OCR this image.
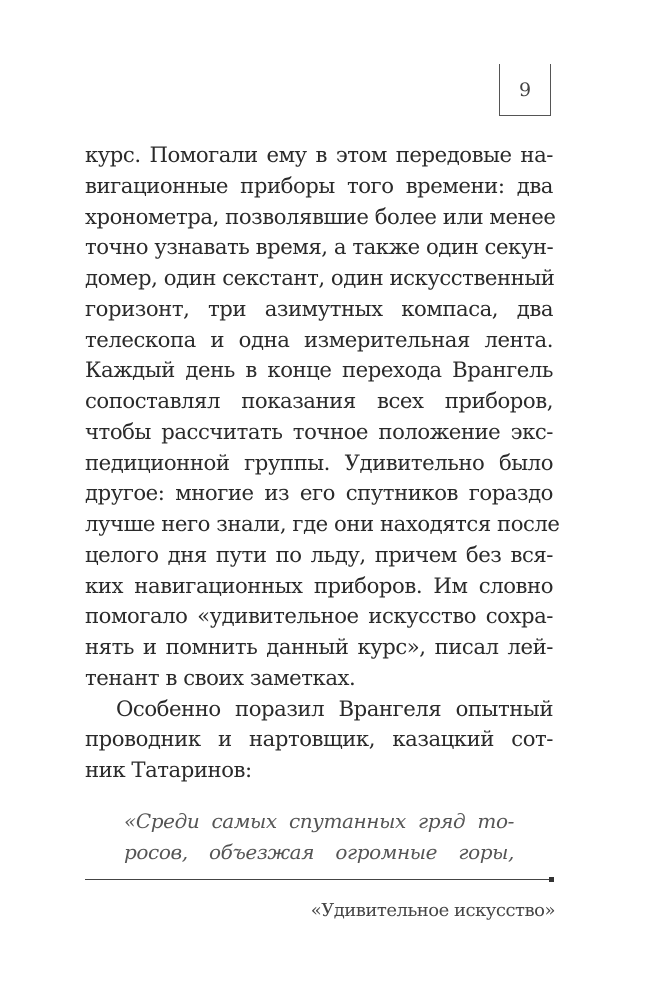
9
курс. Помогали ему в этом передовые на-
вигационные приборы того времени: два
хронометра, позволявшие более или менее
точно узнавать время, а также один секун-
домер, один секстант, один искусственный
горизонт, три азимутных компаса, два
телескопа и одна измерительная лента.
Каждый день в конце перехода Врангель
сопоставлял показания всех приборов,
чтобы рассчитать точное положение экс-
педиционной группы. Удивительно было
другое: многие из его спутников гораздо
лучше него знали, где они находятся после
целого дня пути по льду, причем без вся-
ких навигационных приборов. Им словно
помогало «удивительное искусство сохра-
нять и помнить данный курс», писал лей-
тенант в своих заметках.
Особенно поразил Врангеля опытный
проводник и нартовщик, казацкий сот-
ник Татаринов:
«Среди самых спутанных гряд то-
росов, объезжая огромные горы,
«Удивительное искусство»
